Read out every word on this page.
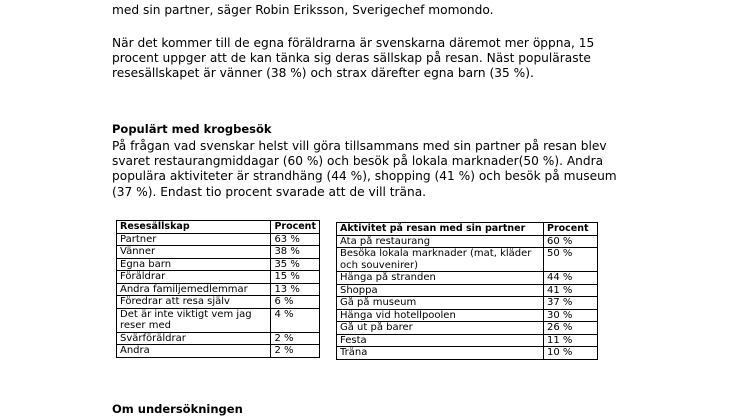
med sin partner, säger Robin Eriksson, Sverigechef momondo.

När det kommer till de egna föräldrarna är svenskarna däremot mer öppna, 15 procent uppger att de kan tänka sig deras sällskap på resan. Näst populäraste resesällskapet är vänner (38 %) och strax därefter egna barn (35 %).

Populärt med krogbesök

På frågan vad svenskar helst vill göra tillsammans med sin partner på resan blev svaret restaurangmiddagar (60 %) och besök på lokala marknader(50 %). Andra populära aktiviteter är strandhäng (44 %), shopping (41 %) och besök på museum (37 %). Endast tio procent svarade att de vill träna.

Resesällskap	Procent
Partner	63 %
Vänner	38 %
Egna barn	35 %
Föräldrar	15 %
Andra familjemedlemmar	13 %
Föredrar att resa själv	6 %
Det är inte viktigt vem jag reser med	4 %
Svärföräldrar	2 %
Andra	2 %
Aktivitet på resan med sin partner	Procent
Äta på restaurang	60 %
Besöka lokala marknader (mat, kläder och souvenirer)	50 %
Hänga på stranden	44 %
Shoppa	41 %
Gå på museum	37 %
Hänga vid hotellpoolen	30 %
Gå ut på barer	26 %
Festa	11 %
Träna	10 %

Om undersökningen
